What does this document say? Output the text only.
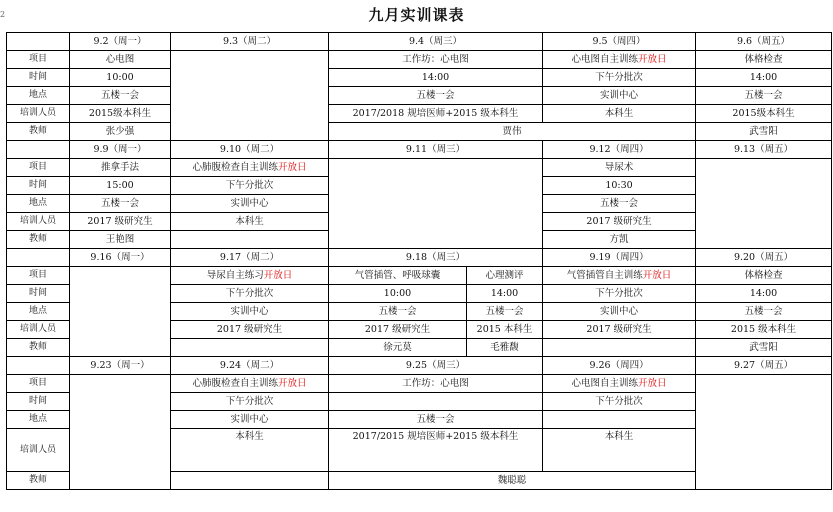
九月实训课表
2
	9.2（周一）	9.3（周二）	9.4（周三）		9.5（周四）	9.6（周五）
项目	心电图		工作坊：心电图		心电图自主训练开放日	体格检查
时间	10:00		14:00		下午分批次	14:00
地点	五楼一会		五楼一会		实训中心	五楼一会
培训人员	2015级本科生		2017/2018 规培医师+2015 级本科生		本科生	2015级本科生
教师	张少强		贾伟			武雪阳
	9.9（周一）	9.10（周二）	9.11（周三）		9.12（周四）	9.13（周五）
项目	推拿手法	心肺腹检查自主训练开放日			导尿术	
时间	15:00	下午分批次			10:30	
地点	五楼一会	实训中心			五楼一会	
培训人员	2017 级研究生	本科生			2017 级研究生	
教师	王艳图				方凯	
	9.16（周一）	9.17（周二）	9.18（周三）		9.19（周四）	9.20（周五）
项目		导尿自主练习开放日	气管插管、呼吸球囊	心理测评	气管插管自主训练开放日	体格检查
时间		下午分批次	10:00	14:00	下午分批次	14:00
地点		实训中心	五楼一会	五楼一会	实训中心	五楼一会
培训人员		2017 级研究生	2017 级研究生	2015 本科生	2017 级研究生	2015 级本科生
教师			徐元莫	毛雅馥		武雪阳
	9.23（周一）	9.24（周二）	9.25（周三）		9.26（周四）	9.27（周五）
项目		心肺腹检查自主训练开放日	工作坊：心电图		心电图自主训练开放日	
时间		下午分批次			下午分批次	
地点		实训中心	五楼一会			
培训人员		本科生	2017/2015 规培医师+2015 级本科生		本科生	
教师			魏聪聪			
